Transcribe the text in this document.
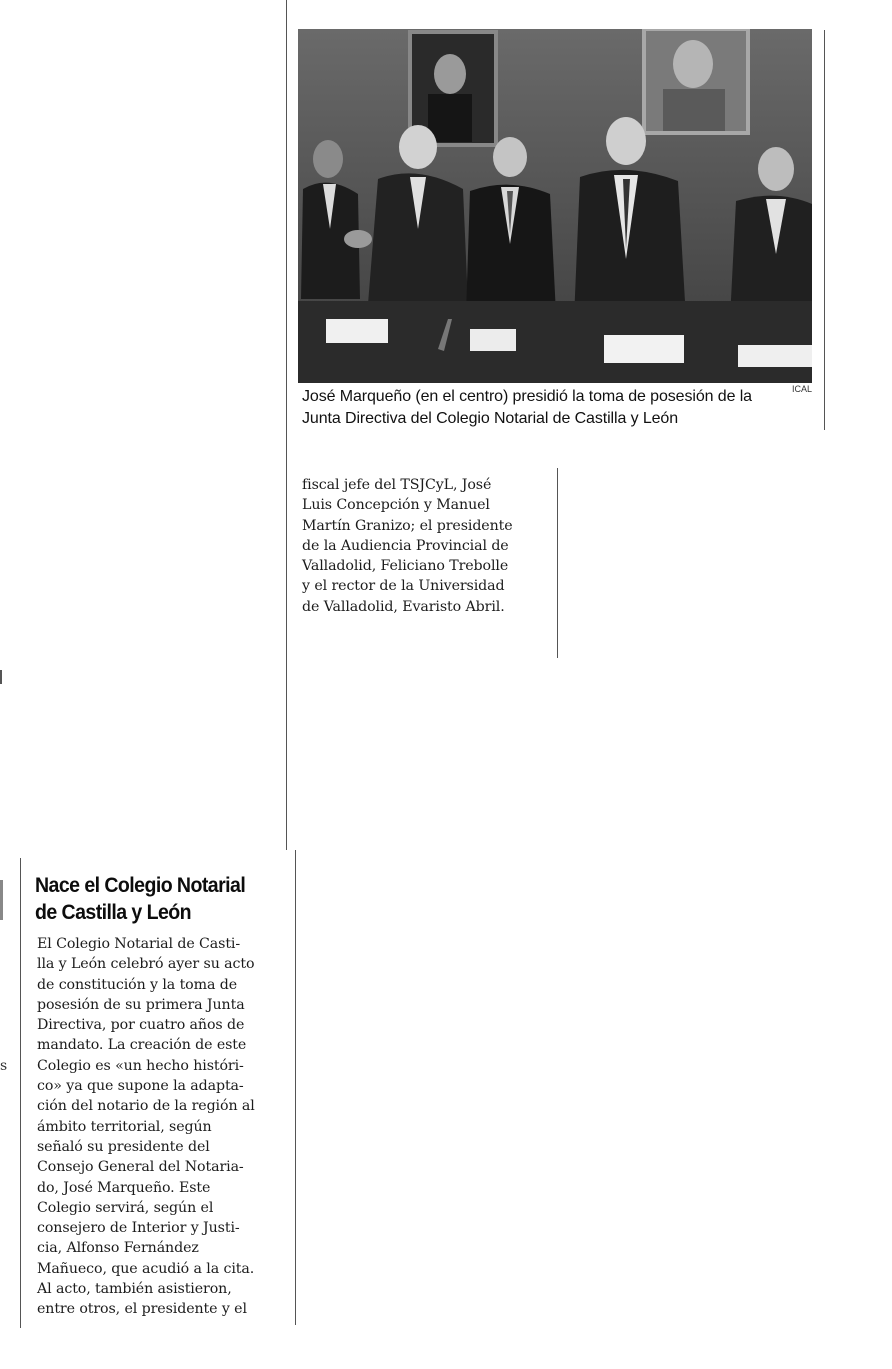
José Marqueño (en el centro) presidió la toma de posesión de la
Junta Directiva del Colegio Notarial de Castilla y León
ICAL
fiscal jefe del TSJCyL, José
Luis Concepción y Manuel
Martín Granizo; el presidente
de la Audiencia Provincial de
Valladolid, Feliciano Trebolle
y el rector de la Universidad
de Valladolid, Evaristo Abril.
Nace el Colegio Notarial
de Castilla y León
El Colegio Notarial de Casti-
lla y León celebró ayer su acto
de constitución y la toma de
posesión de su primera Junta
Directiva, por cuatro años de
mandato. La creación de este
Colegio es «un hecho históri-
co» ya que supone la adapta-
ción del notario de la región al
ámbito territorial, según
señaló su presidente del
Consejo General del Notaria-
do, José Marqueño. Este
Colegio servirá, según el
consejero de Interior y Justi-
cia, Alfonso Fernández
Mañueco, que acudió a la cita.
Al acto, también asistieron,
entre otros, el presidente y el
s
